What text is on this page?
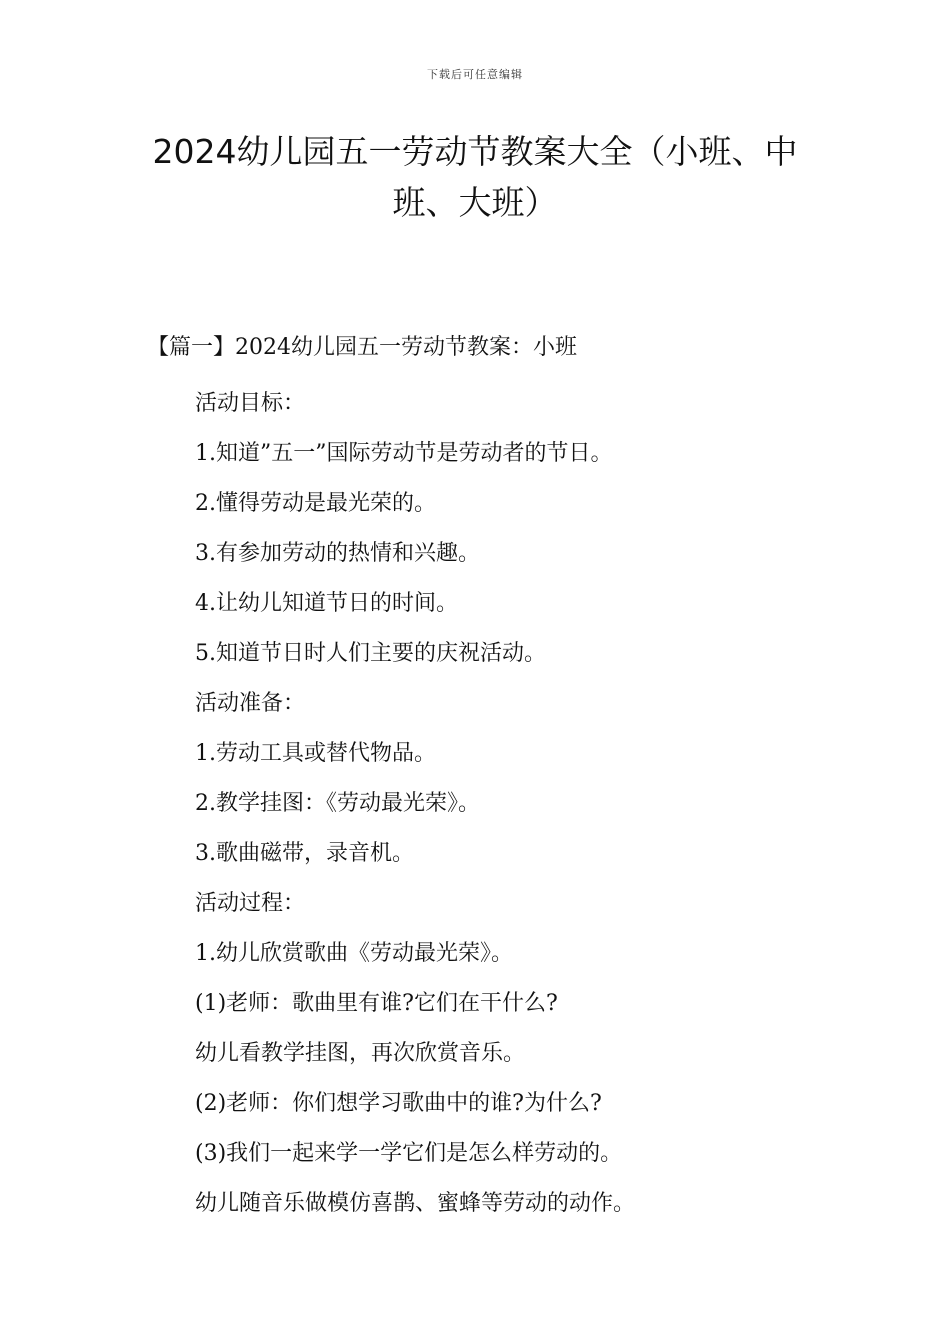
下载后可任意编辑
2024幼儿园五一劳动节教案大全（小班、中班、大班）
【篇一】2024幼儿园五一劳动节教案：小班
活动目标：
1.知道”五一”国际劳动节是劳动者的节日。
2.懂得劳动是最光荣的。
3.有参加劳动的热情和兴趣。
4.让幼儿知道节日的时间。
5.知道节日时人们主要的庆祝活动。
活动准备：
1.劳动工具或替代物品。
2.教学挂图：《劳动最光荣》。
3.歌曲磁带，录音机。
活动过程：
1.幼儿欣赏歌曲《劳动最光荣》。
(1)老师：歌曲里有谁?它们在干什么?
幼儿看教学挂图，再次欣赏音乐。
(2)老师：你们想学习歌曲中的谁?为什么?
(3)我们一起来学一学它们是怎么样劳动的。
幼儿随音乐做模仿喜鹊、蜜蜂等劳动的动作。
